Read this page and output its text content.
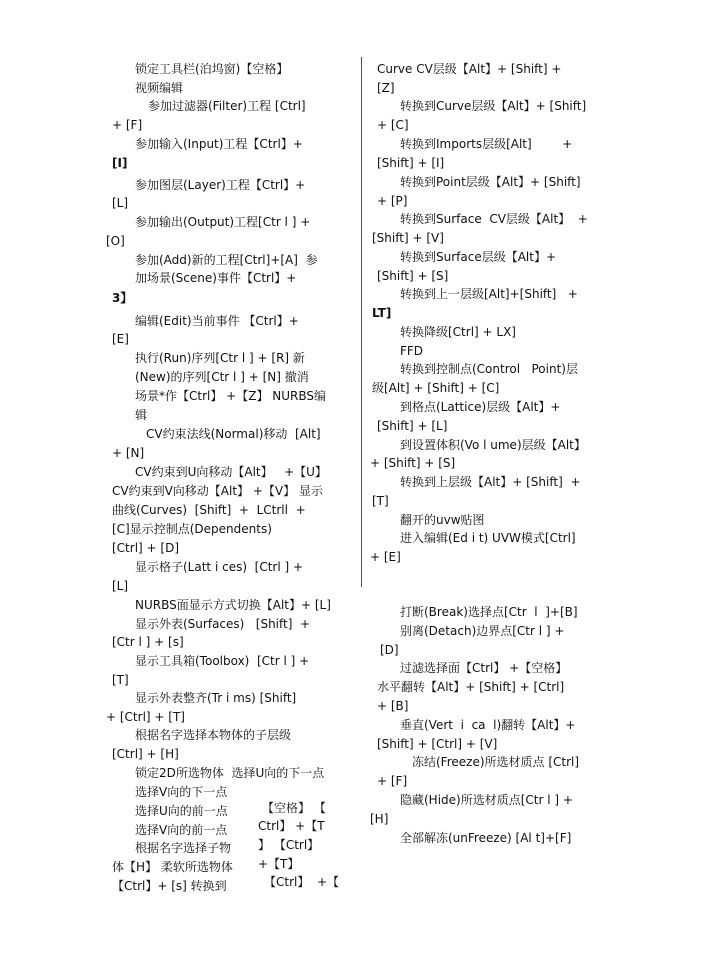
锁定工具栏(泊坞窗)【空格】
视频编辑
参加过滤器(Filter)工程 [Ctrl]
+ [F]
参加输入(Input)工程【Ctrl】+
[I]
参加图层(Layer)工程【Ctrl】+
[L]
参加输出(Output)工程[Ctr l ] +
[O]
参加(Add)新的工程[Ctrl]+[A]  参
加场景(Scene)事件【Ctrl】+
3】
编辑(Edit)当前事件 【Ctrl】+
[E]
执行(Run)序列[Ctr l ] + [R] 新
(New)的序列[Ctr l ] + [N] 撤消
场景*作【Ctrl】 +【Z】 NURBS编
辑
CV约束法线(Normal)移动  [Alt]
+ [N]
CV约束到U向移动【Alt】   +【U】
CV约束到V向移动【Alt】 +【V】 显示
曲线(Curves)  [Shift]  +  LCtrll  +
[C]显示控制点(Dependents)
[Ctrl] + [D]
显示格子(Latt i ces)  [Ctrl ] +
[L]
NURBS面显示方式切换【Alt】+ [L]
显示外表(Surfaces)   [Shift]  +
[Ctr l ] + [s]
显示工具箱(Toolbox)  [Ctr l ] +
[T]
显示外表整齐(Tr i ms) [Shift]
+ [Ctrl] + [T]
根据名字选择本物体的子层级
[Ctrl] + [H]
锁定2D所选物体  选择U向的下一点
选择V向的下一点
选择U向的前一点
选择V向的前一点
根据名字选择子物
体【H】 柔软所选物体
【Ctrl】+ [s] 转换到
【空格】 【
Ctrl】 +【T
】 【Ctrl】
+【T】
【Ctrl】  +【
Curve CV层级【Alt】+ [Shift] +
[Z]
转换到Curve层级【Alt】+ [Shift]
+ [C]
转换到Imports层级[Alt]        +
[Shift] + [I]
转换到Point层级【Alt】+ [Shift]
+ [P]
转换到Surface  CV层级【Alt】  +
[Shift] + [V]
转换到Surface层级【Alt】+
[Shift] + [S]
转换到上一层级[Alt]+[Shift]   +
LT]
转换降级[Ctrl] + LX]
FFD
转换到控制点(Control   Point)层
级[Alt] + [Shift] + [C]
到格点(Lattice)层级【Alt】+
[Shift] + [L]
到设置体积(Vo l ume)层级【Alt】
+ [Shift] + [S]
转换到上层级【Alt】+ [Shift]  +
[T]
翻开的uvw贴图
进入编辑(Ed i t) UVW模式[Ctrl]
+ [E]
打断(Break)选择点[Ctr  l  ]+[B]
别离(Detach)边界点[Ctr l ] +
[D]
过滤选择面【Ctrl】 +【空格】
水平翻转【Alt】+ [Shift] + [Ctrl]
+ [B]
垂直(Vert  i  ca  l)翻转【Alt】+
[Shift] + [Ctrl] + [V]
冻结(Freeze)所选材质点 [Ctrl]
+ [F]
隐藏(Hide)所选材质点[Ctr l ] +
[H]
全部解冻(unFreeze) [Al t]+[F]
